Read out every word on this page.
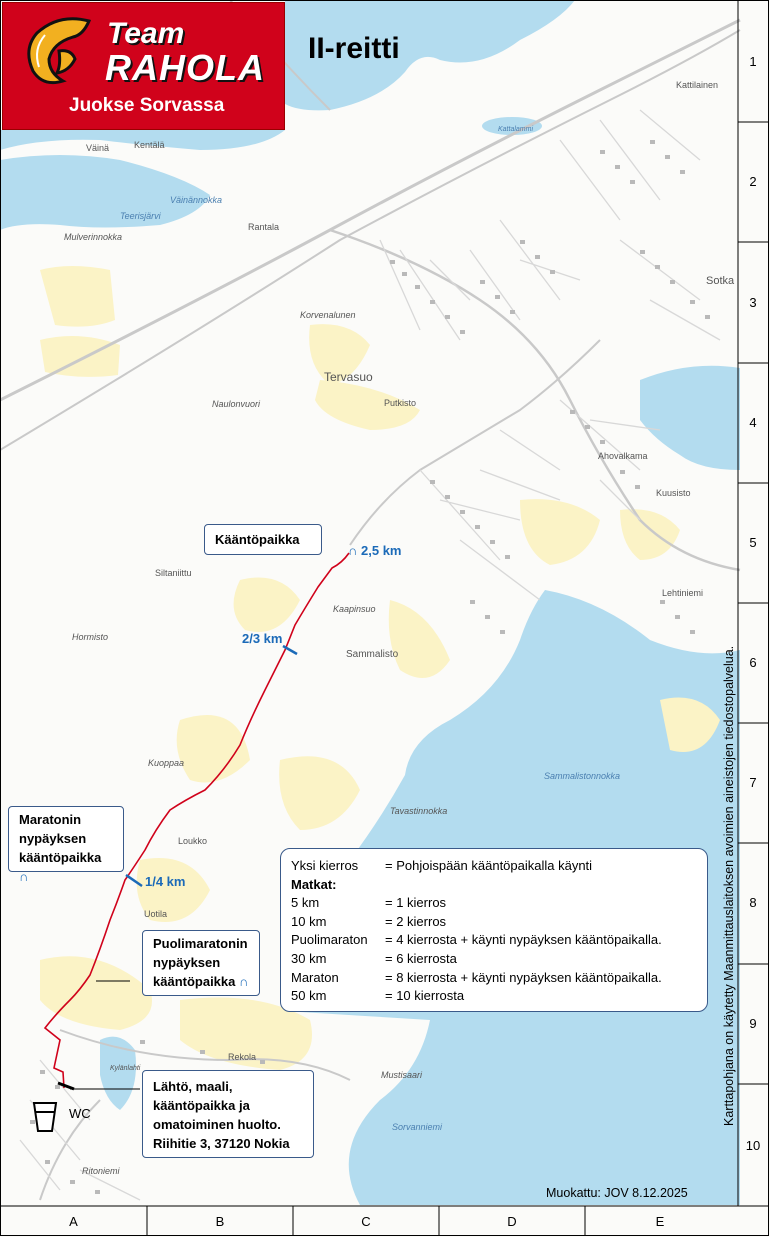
Väinä	Kentälä
Väinännokka
Teerisjärvi
Mulverinnokka
Rantala
Korvenalunen
Tervasuo
Putkisto
Naulonvuori
Ahovalkama
Kuusisto
Sotka
Kattilainen
Kattalammi
Siltaniittu
Kaapinsuo
Sammalisto
Hormisto
Lehtiniemi
Kuoppaa
Sammalistonnokka
Tavastinnokka
Loukko
Uotila
Rekola
Mustisaari
Sorvanniemi
Ritoniemi
Kylänlahti
Team
RAHOLA
Juokse Sorvassa
II-reitti
Kääntöpaikka
∩ 2,5 km
2/3 km
1/4 km
Maratonin
nypäyksen
kääntöpaikka ∩
Puolimaratonin
nypäyksen
kääntöpaikka ∩
Lähtö, maali,
kääntöpaikka ja
omatoiminen huolto.
Riihitie 3, 37120 Nokia
WC
Yksi kierros	= Pohjoispään kääntöpaikalla käynti
Matkat:
5 km	= 1 kierros
10 km	= 2 kierros
Puolimaraton	= 4 kierrosta + käynti nypäyksen kääntöpaikalla.
30 km	= 6 kierrosta
Maraton	= 8 kierrosta + käynti nypäyksen kääntöpaikalla.
50 km	= 10 kierrosta
1
2
3
4
5
6
7
8
9
10
A	B	C	D	E
Karttapohjana on käytetty Maanmittauslaitoksen avoimien aineistojen tiedostopalvelua.
Muokattu: JOV 8.12.2025
